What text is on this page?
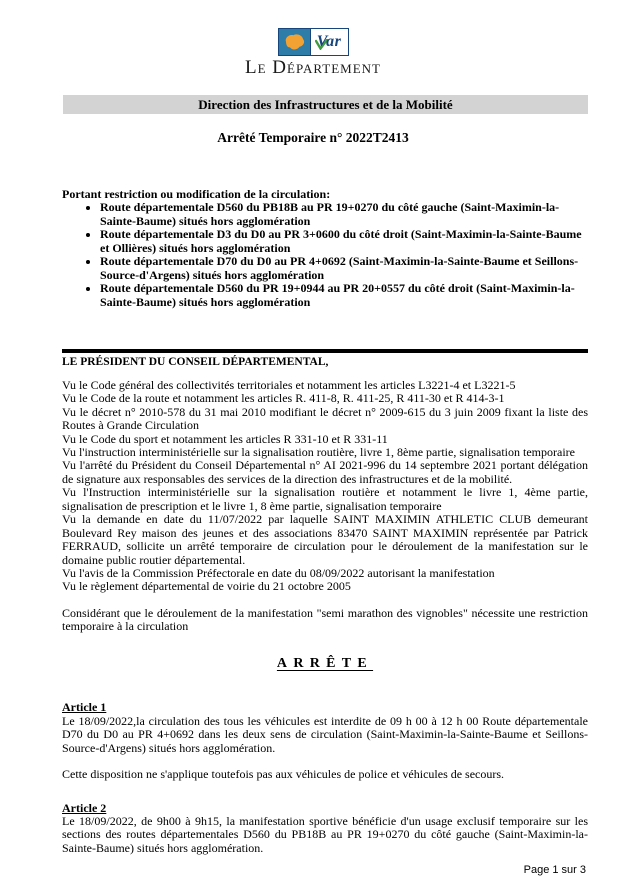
Var
Le Département
Direction des Infrastructures et de la Mobilité
Arrêté Temporaire n° 2022T2413
Portant restriction ou modification de la circulation:
• Route départementale D560 du PB18B au PR 19+0270 du côté gauche (Saint-Maximin-la-Sainte-Baume) situés hors agglomération
• Route départementale D3 du D0 au PR 3+0600 du côté droit (Saint-Maximin-la-Sainte-Baume et Ollières) situés hors agglomération
• Route départementale D70 du D0 au PR 4+0692 (Saint-Maximin-la-Sainte-Baume et Seillons-Source-d'Argens) situés hors agglomération
• Route départementale D560 du PR 19+0944 au PR 20+0557 du côté droit (Saint-Maximin-la-Sainte-Baume) situés hors agglomération
LE PRÉSIDENT DU CONSEIL DÉPARTEMENTAL,

Vu le Code général des collectivités territoriales et notamment les articles L3221-4 et L3221-5

Vu le Code de la route et notamment les articles R. 411-8, R. 411-25, R 411-30 et R 414-3-1

Vu le décret n° 2010-578 du 31 mai 2010 modifiant le décret n° 2009-615 du 3 juin 2009 fixant la liste des Routes à Grande Circulation

Vu le Code du sport et notamment les articles R 331-10 et R 331-11

Vu l'instruction interministérielle sur la signalisation routière, livre 1, 8ème partie, signalisation temporaire

Vu l'arrêté du Président du Conseil Départemental n° AI 2021-996 du 14 septembre 2021 portant délégation de signature aux responsables des services de la direction des infrastructures et de la mobilité.

Vu l'Instruction interministérielle sur la signalisation routière et notamment le livre 1, 4ème partie, signalisation de prescription et le livre 1, 8 ème partie, signalisation temporaire

Vu la demande en date du 11/07/2022 par laquelle SAINT MAXIMIN ATHLETIC CLUB demeurant Boulevard Rey maison des jeunes et des associations 83470 SAINT MAXIMIN représentée par Patrick FERRAUD, sollicite un arrêté temporaire de circulation pour le déroulement de la manifestation sur le domaine public routier départemental.

Vu l'avis de la Commission Préfectorale en date du 08/09/2022 autorisant la manifestation

Vu le règlement départemental de voirie du 21 octobre 2005

Considérant que le déroulement de la manifestation "semi marathon des vignobles" nécessite une restriction temporaire à la circulation

ARRÊTE
Article 1

Le 18/09/2022,la circulation des tous les véhicules est interdite de 09 h 00 à 12 h 00 Route départementale D70 du D0 au PR 4+0692 dans les deux sens de circulation (Saint-Maximin-la-Sainte-Baume et Seillons-Source-d'Argens) situés hors agglomération.

Cette disposition ne s'applique toutefois pas aux véhicules de police et véhicules de secours.

Article 2

Le 18/09/2022, de 9h00 à 9h15, la manifestation sportive bénéficie d'un usage exclusif temporaire sur les sections des routes départementales D560 du PB18B au PR 19+0270 du côté gauche (Saint-Maximin-la-Sainte-Baume) situés hors agglomération.

Page 1 sur 3
